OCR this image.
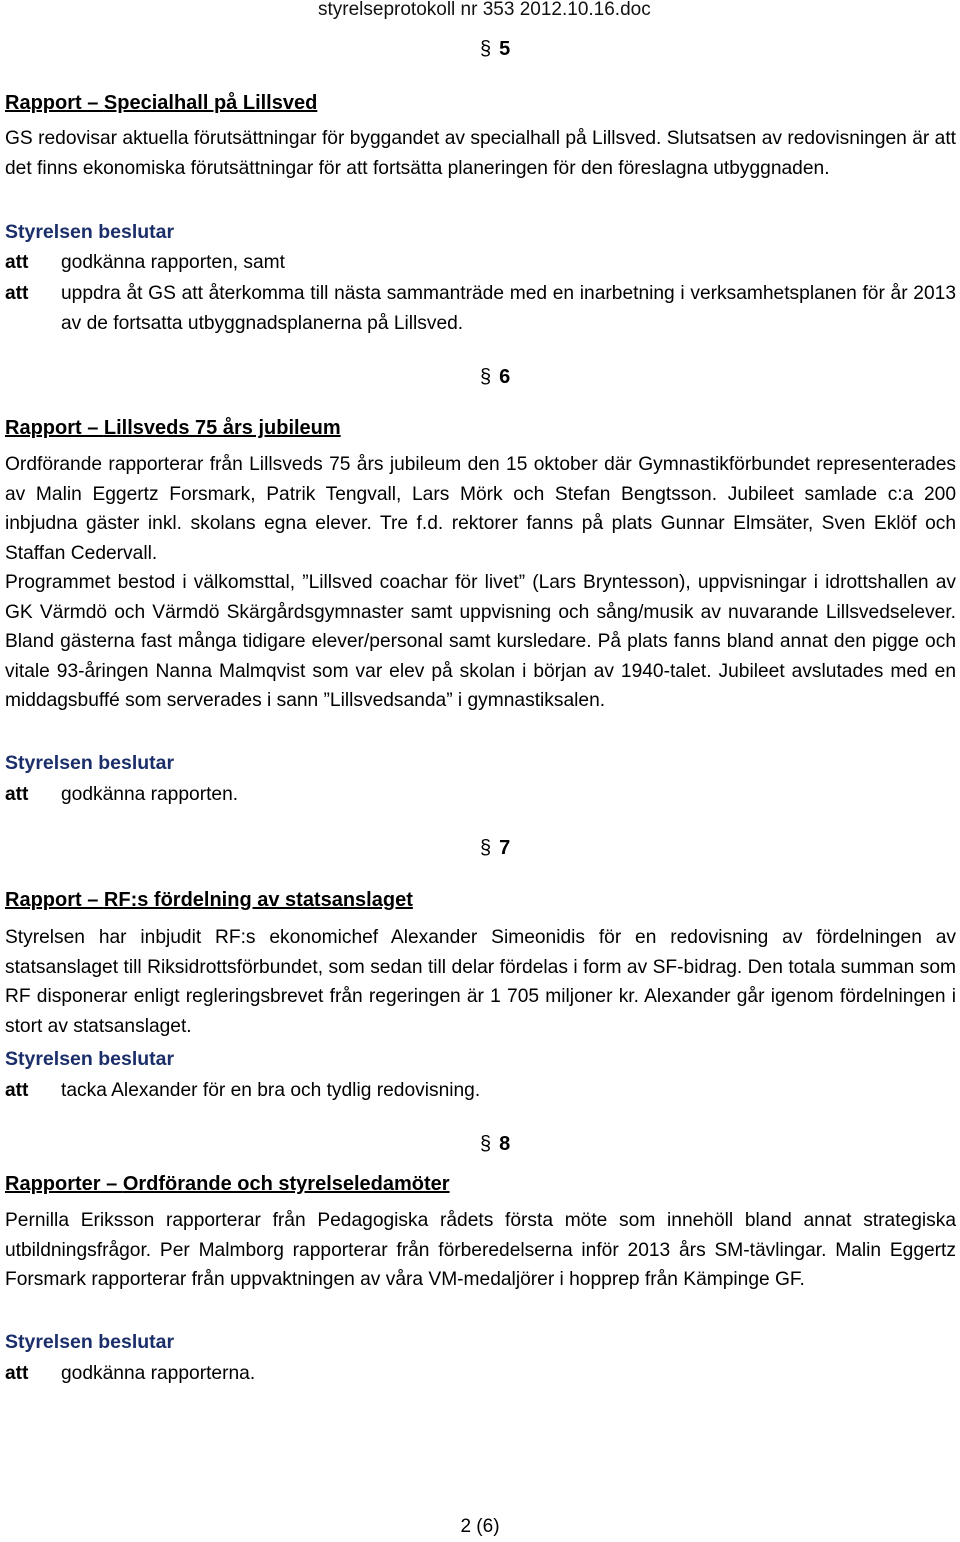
styrelseprotokoll nr 353 2012.10.16.doc
§ 5
Rapport – Specialhall på Lillsved

GS redovisar aktuella förutsättningar för byggandet av specialhall på Lillsved. Slutsatsen av redovisningen är att det finns ekonomiska förutsättningar för att fortsätta planeringen för den föreslagna utbyggnaden.

Styrelsen beslutar
att	godkänna rapporten, samt
att	uppdra åt GS att återkomma till nästa sammanträde med en inarbetning i verksamhetsplanen för år 2013 av de fortsatta utbyggnadsplanerna på Lillsved.
§ 6
Rapport – Lillsveds 75 års jubileum

Ordförande rapporterar från Lillsveds 75 års jubileum den 15 oktober där Gymnastikförbundet representerades av Malin Eggertz Forsmark, Patrik Tengvall, Lars Mörk och Stefan Bengtsson. Jubileet samlade c:a 200 inbjudna gäster inkl. skolans egna elever. Tre f.d. rektorer fanns på plats Gunnar Elmsäter, Sven Eklöf och Staffan Cedervall.

Programmet bestod i välkomsttal, ”Lillsved coachar för livet” (Lars Bryntesson), uppvisningar i idrottshallen av GK Värmdö och Värmdö Skärgårdsgymnaster samt uppvisning och sång/musik av nuvarande Lillsvedselever. Bland gästerna fast många tidigare elever/personal samt kursledare. På plats fanns bland annat den pigge och vitale 93-åringen Nanna Malmqvist som var elev på skolan i början av 1940-talet. Jubileet avslutades med en middagsbuffé som serverades i sann ”Lillsvedsanda” i gymnastiksalen.

Styrelsen beslutar
att	godkänna rapporten.
§ 7
Rapport – RF:s fördelning av statsanslaget

Styrelsen har inbjudit RF:s ekonomichef Alexander Simeonidis för en redovisning av fördelningen av statsanslaget till Riksidrottsförbundet, som sedan till delar fördelas i form av SF-bidrag. Den totala summan som RF disponerar enligt regleringsbrevet från regeringen är 1 705 miljoner kr. Alexander går igenom fördelningen i stort av statsanslaget.

Styrelsen beslutar
att	tacka Alexander för en bra och tydlig redovisning.
§ 8
Rapporter – Ordförande och styrelseledamöter

Pernilla Eriksson rapporterar från Pedagogiska rådets första möte som innehöll bland annat strategiska utbildningsfrågor. Per Malmborg rapporterar från förberedelserna inför 2013 års SM-tävlingar. Malin Eggertz Forsmark rapporterar från uppvaktningen av våra VM-medaljörer i hopprep från Kämpinge GF.

Styrelsen beslutar
att	godkänna rapporterna.
2 (6)
